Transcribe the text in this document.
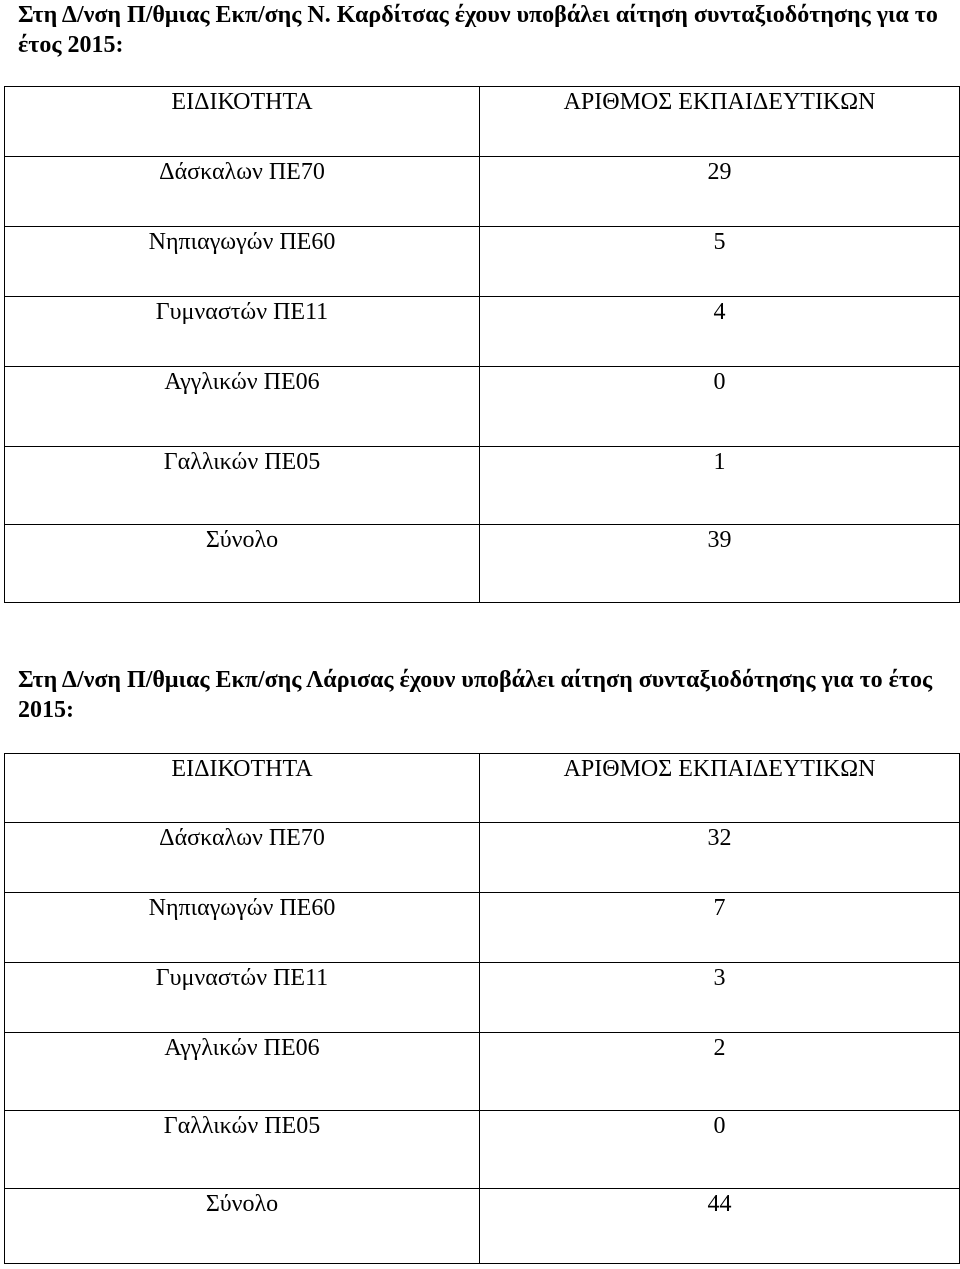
Στη Δ/νση Π/θμιας Εκπ/σης Ν. Καρδίτσας έχουν υποβάλει αίτηση συνταξιοδότησης για το έτος 2015:

ΕΙΔΙΚΟΤΗΤΑ	ΑΡΙΘΜΟΣ ΕΚΠΑΙΔΕΥΤΙΚΩΝ

Δάσκαλων ΠΕ70	29

Νηπιαγωγών ΠΕ60	5

Γυμναστών ΠΕ11	4

Αγγλικών ΠΕ06	0

Γαλλικών ΠΕ05	1

Σύνολο	39

Στη Δ/νση Π/θμιας Εκπ/σης Λάρισας έχουν υποβάλει αίτηση συνταξιοδότησης για το έτος 2015:

ΕΙΔΙΚΟΤΗΤΑ	ΑΡΙΘΜΟΣ ΕΚΠΑΙΔΕΥΤΙΚΩΝ

Δάσκαλων ΠΕ70	32

Νηπιαγωγών ΠΕ60	7

Γυμναστών ΠΕ11	3

Αγγλικών ΠΕ06	2

Γαλλικών ΠΕ05	0

Σύνολο	44
